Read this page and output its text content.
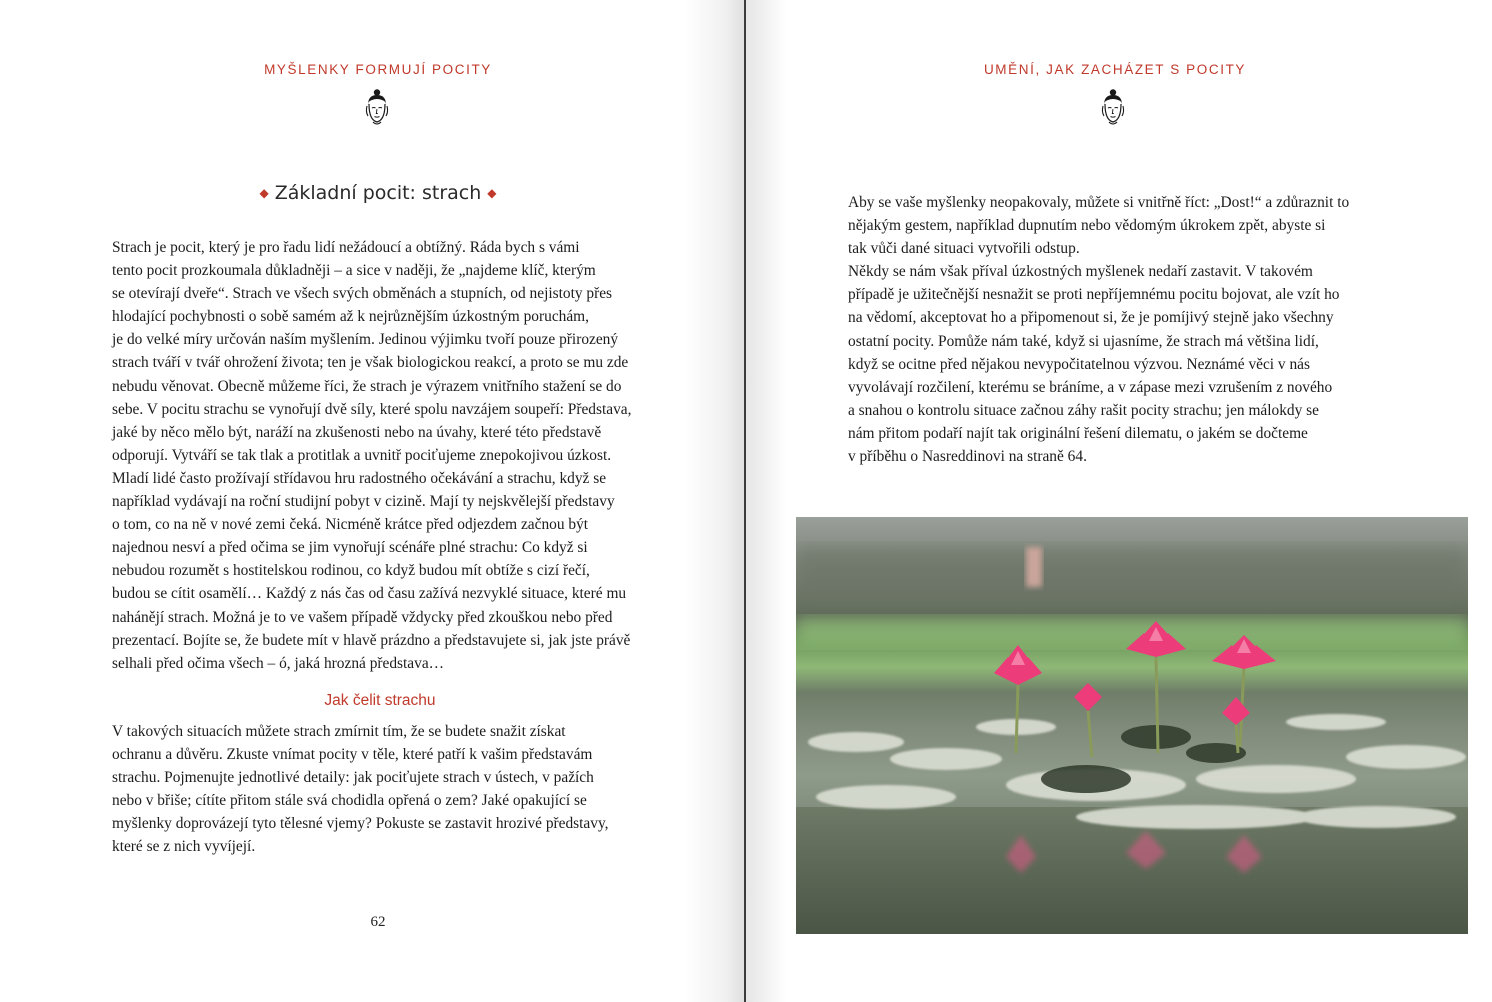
MYŠLENKY FORMUJÍ POCITY
◆ Základní pocit: strach ◆
Strach je pocit, který je pro řadu lidí nežádoucí a obtížný. Ráda bych s vámi
tento pocit prozkoumala důkladněji – a sice v naději, že „najdeme klíč, kterým
se otevírají dveře“. Strach ve všech svých obměnách a stupních, od nejistoty přes
hlodající pochybnosti o sobě samém až k nejrůznějším úzkostným poruchám,
je do velké míry určován naším myšlením. Jedinou výjimku tvoří pouze přirozený
strach tváří v tvář ohrožení života; ten je však biologickou reakcí, a proto se mu zde
nebudu věnovat. Obecně můžeme říci, že strach je výrazem vnitřního stažení se do
sebe. V pocitu strachu se vynořují dvě síly, které spolu navzájem soupeří: Představa,
jaké by něco mělo být, naráží na zkušenosti nebo na úvahy, které této představě
odporují. Vytváří se tak tlak a protitlak a uvnitř pociťujeme znepokojivou úzkost.
Mladí lidé často prožívají střídavou hru radostného očekávání a strachu, když se
například vydávají na roční studijní pobyt v cizině. Mají ty nejskvělejší představy
o tom, co na ně v nové zemi čeká. Nicméně krátce před odjezdem začnou být
najednou nesví a před očima se jim vynořují scénáře plné strachu: Co když si
nebudou rozumět s hostitelskou rodinou, co když budou mít obtíže s cizí řečí,
budou se cítit osamělí… Každý z nás čas od času zažívá nezvyklé situace, které mu
nahánějí strach. Možná je to ve vašem případě vždycky před zkouškou nebo před
prezentací. Bojíte se, že budete mít v hlavě prázdno a představujete si, jak jste právě
selhali před očima všech – ó, jaká hrozná představa…
Jak čelit strachu
V takových situacích můžete strach zmírnit tím, že se budete snažit získat
ochranu a důvěru. Zkuste vnímat pocity v těle, které patří k vašim představám
strachu. Pojmenujte jednotlivé detaily: jak pociťujete strach v ústech, v pažích
nebo v břiše; cítíte přitom stále svá chodidla opřená o zem? Jaké opakující se
myšlenky doprovázejí tyto tělesné vjemy? Pokuste se zastavit hrozivé představy,
které se z nich vyvíjejí.
62
UMĚNÍ, JAK ZACHÁZET S POCITY
Aby se vaše myšlenky neopakovaly, můžete si vnitřně říct: „Dost!“ a zdůraznit to
nějakým gestem, například dupnutím nebo vědomým úkrokem zpět, abyste si
tak vůči dané situaci vytvořili odstup.
Někdy se nám však příval úzkostných myšlenek nedaří zastavit. V takovém
případě je užitečnější nesnažit se proti nepříjemnému pocitu bojovat, ale vzít ho
na vědomí, akceptovat ho a připomenout si, že je pomíjivý stejně jako všechny
ostatní pocity. Pomůže nám také, když si ujasníme, že strach má většina lidí,
když se ocitne před nějakou nevypočitatelnou výzvou. Neznámé věci v nás
vyvolávají rozčilení, kterému se bráníme, a v zápase mezi vzrušením z nového
a snahou o kontrolu situace začnou záhy rašit pocity strachu; jen málokdy se
nám přitom podaří najít tak originální řešení dilematu, o jakém se dočteme
v příběhu o Nasreddinovi na straně 64.
